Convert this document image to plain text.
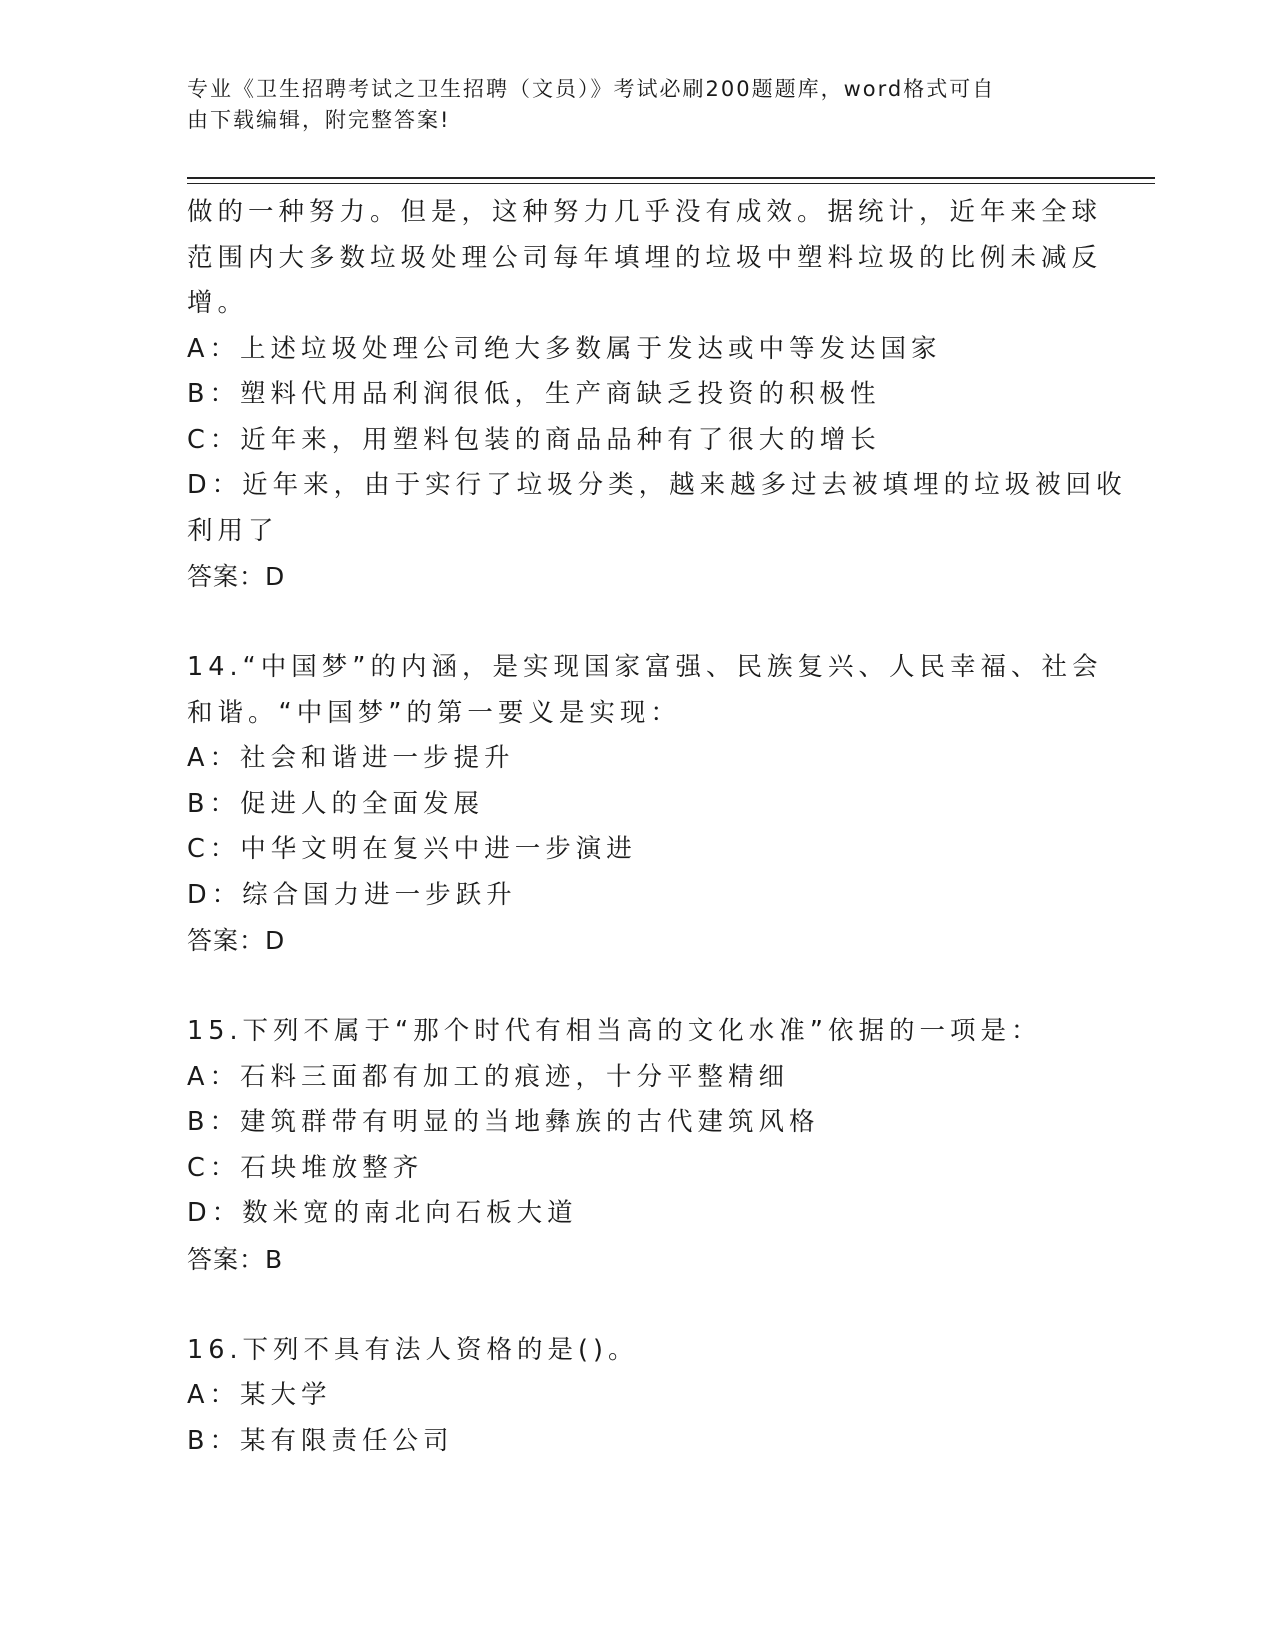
专业《卫生招聘考试之卫生招聘（文员）》考试必刷200题题库，word格式可自
由下载编辑，附完整答案!
做的一种努力。但是，这种努力几乎没有成效。据统计，近年来全球
范围内大多数垃圾处理公司每年填埋的垃圾中塑料垃圾的比例未减反
增。
A：上述垃圾处理公司绝大多数属于发达或中等发达国家
B：塑料代用品利润很低，生产商缺乏投资的积极性
C：近年来，用塑料包装的商品品种有了很大的增长
D：近年来，由于实行了垃圾分类，越来越多过去被填埋的垃圾被回收
利用了
答案：D
14.“中国梦”的内涵，是实现国家富强、民族复兴、人民幸福、社会
和谐。“中国梦”的第一要义是实现：
A：社会和谐进一步提升
B：促进人的全面发展
C：中华文明在复兴中进一步演进
D：综合国力进一步跃升
答案：D
15.下列不属于“那个时代有相当高的文化水准”依据的一项是：
A：石料三面都有加工的痕迹，十分平整精细
B：建筑群带有明显的当地彝族的古代建筑风格
C：石块堆放整齐
D：数米宽的南北向石板大道
答案：B
16.下列不具有法人资格的是()。
A：某大学
B：某有限责任公司
